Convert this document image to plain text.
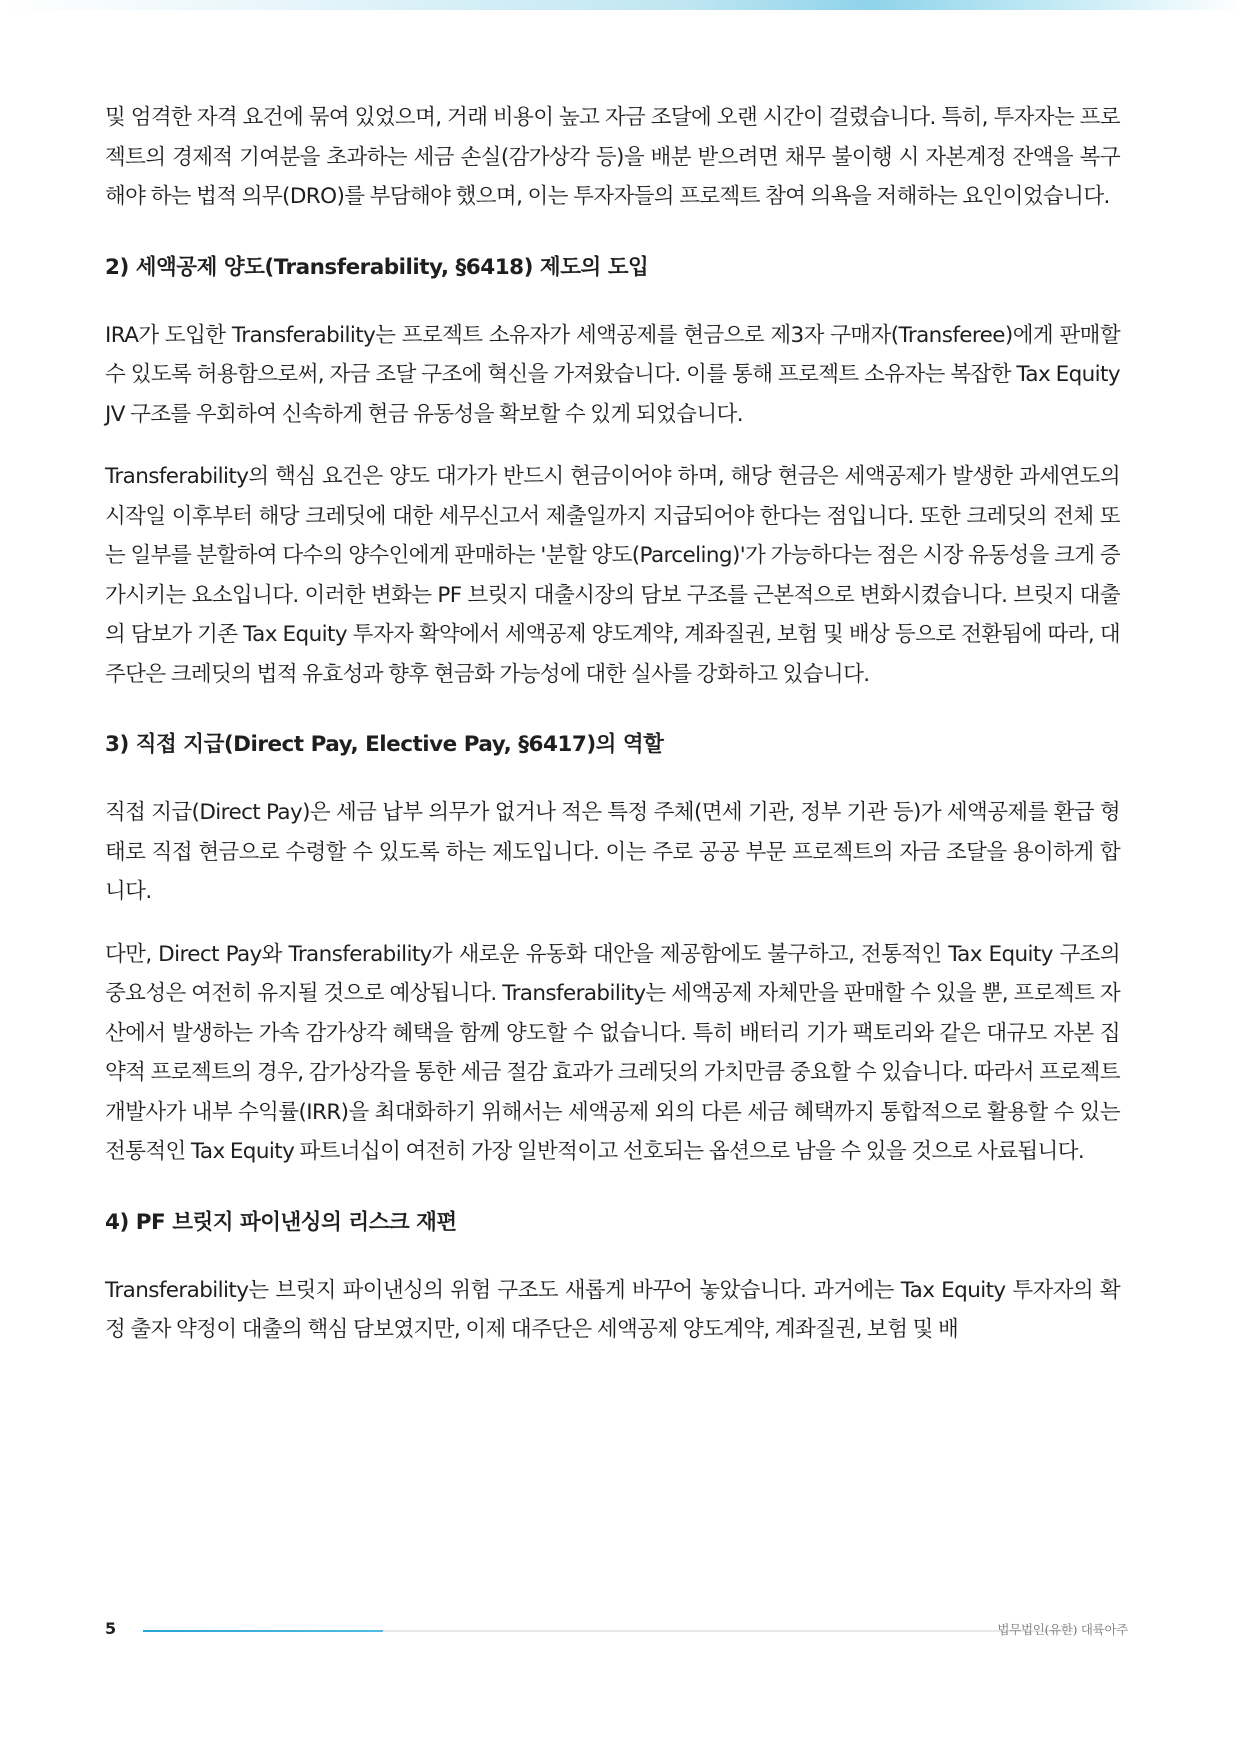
및 엄격한 자격 요건에 묶여 있었으며, 거래 비용이 높고 자금 조달에 오랜 시간이 걸렸습니다. 특히, 투자자는 프로젝트의 경제적 기여분을 초과하는 세금 손실(감가상각 등)을 배분 받으려면 채무 불이행 시 자본계정 잔액을 복구해야 하는 법적 의무(DRO)를 부담해야 했으며, 이는 투자자들의 프로젝트 참여 의욕을 저해하는 요인이었습니다.

2) 세액공제 양도(Transferability, §6418) 제도의 도입

IRA가 도입한 Transferability는 프로젝트 소유자가 세액공제를 현금으로 제3자 구매자(Transferee)에게 판매할 수 있도록 허용함으로써, 자금 조달 구조에 혁신을 가져왔습니다. 이를 통해 프로젝트 소유자는 복잡한 Tax Equity JV 구조를 우회하여 신속하게 현금 유동성을 확보할 수 있게 되었습니다.

Transferability의 핵심 요건은 양도 대가가 반드시 현금이어야 하며, 해당 현금은 세액공제가 발생한 과세연도의 시작일 이후부터 해당 크레딧에 대한 세무신고서 제출일까지 지급되어야 한다는 점입니다. 또한 크레딧의 전체 또는 일부를 분할하여 다수의 양수인에게 판매하는 '분할 양도(Parceling)'가 가능하다는 점은 시장 유동성을 크게 증가시키는 요소입니다. 이러한 변화는 PF 브릿지 대출시장의 담보 구조를 근본적으로 변화시켰습니다. 브릿지 대출의 담보가 기존 Tax Equity 투자자 확약에서 세액공제 양도계약, 계좌질권, 보험 및 배상 등으로 전환됨에 따라, 대주단은 크레딧의 법적 유효성과 향후 현금화 가능성에 대한 실사를 강화하고 있습니다.

3) 직접 지급(Direct Pay, Elective Pay, §6417)의 역할

직접 지급(Direct Pay)은 세금 납부 의무가 없거나 적은 특정 주체(면세 기관, 정부 기관 등)가 세액공제를 환급 형태로 직접 현금으로 수령할 수 있도록 하는 제도입니다. 이는 주로 공공 부문 프로젝트의 자금 조달을 용이하게 합니다.

다만, Direct Pay와 Transferability가 새로운 유동화 대안을 제공함에도 불구하고, 전통적인 Tax Equity 구조의 중요성은 여전히 유지될 것으로 예상됩니다. Transferability는 세액공제 자체만을 판매할 수 있을 뿐, 프로젝트 자산에서 발생하는 가속 감가상각 혜택을 함께 양도할 수 없습니다. 특히 배터리 기가 팩토리와 같은 대규모 자본 집약적 프로젝트의 경우, 감가상각을 통한 세금 절감 효과가 크레딧의 가치만큼 중요할 수 있습니다. 따라서 프로젝트 개발사가 내부 수익률(IRR)을 최대화하기 위해서는 세액공제 외의 다른 세금 혜택까지 통합적으로 활용할 수 있는 전통적인 Tax Equity 파트너십이 여전히 가장 일반적이고 선호되는 옵션으로 남을 수 있을 것으로 사료됩니다.

4) PF 브릿지 파이낸싱의 리스크 재편

Transferability는 브릿지 파이낸싱의 위험 구조도 새롭게 바꾸어 놓았습니다. 과거에는 Tax Equity 투자자의 확정 출자 약정이 대출의 핵심 담보였지만, 이제 대주단은 세액공제 양도계약, 계좌질권, 보험 및 배

5	법무법인(유한) 대륙아주
